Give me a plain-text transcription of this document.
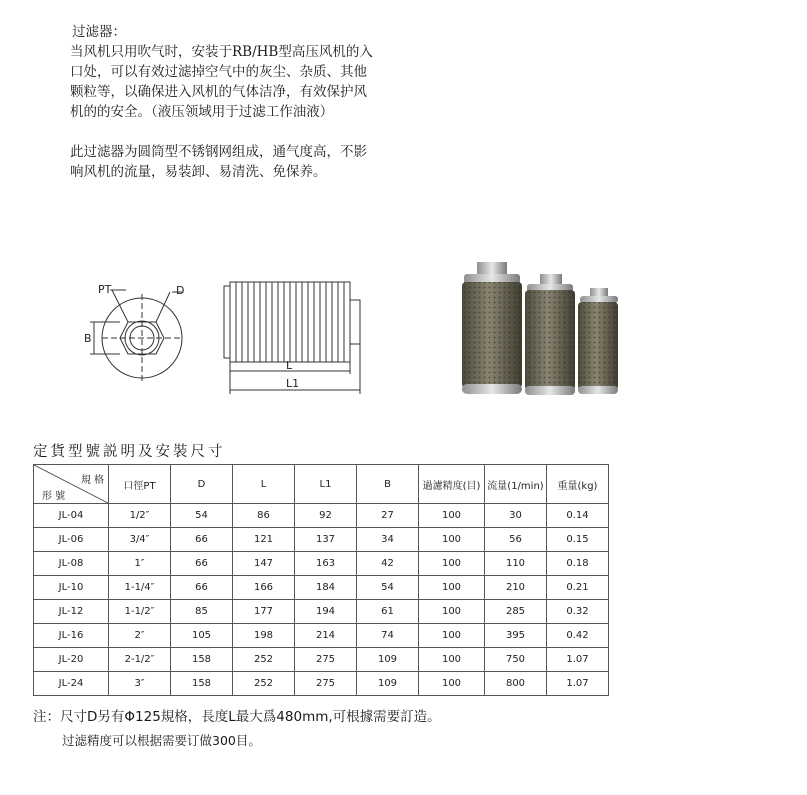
过滤器：

当风机只用吹气时，安装于RB/HB型高压风机的入

口处，可以有效过滤掉空气中的灰尘、杂质、其他

颗粒等，以确保进入风机的气体洁净，有效保护风

机的的安全。（液压领域用于过滤工作油液）

此过滤器为圆筒型不锈钢网组成，通气度高，不影

响风机的流量，易装卸、易清洗、免保养。

PT	D
B
L
L1
定貨型號説明及安裝尺寸
規 格
形 號	口徑PT	D	L	L1	B	過濾精度(目)	流量(1/min)	重量(kg)
JL-04	1/2″	54	86	92	27	100	30	0.14
JL-06	3/4″	66	121	137	34	100	56	0.15
JL-08	1″	66	147	163	42	100	110	0.18
JL-10	1-1/4″	66	166	184	54	100	210	0.21
JL-12	1-1/2″	85	177	194	61	100	285	0.32
JL-16	2″	105	198	214	74	100	395	0.42
JL-20	2-1/2″	158	252	275	109	100	750	1.07
JL-24	3″	158	252	275	109	100	800	1.07
注：尺寸D另有Φ125規格，長度L最大爲480mm,可根據需要訂造。
过滤精度可以根据需要订做300目。
